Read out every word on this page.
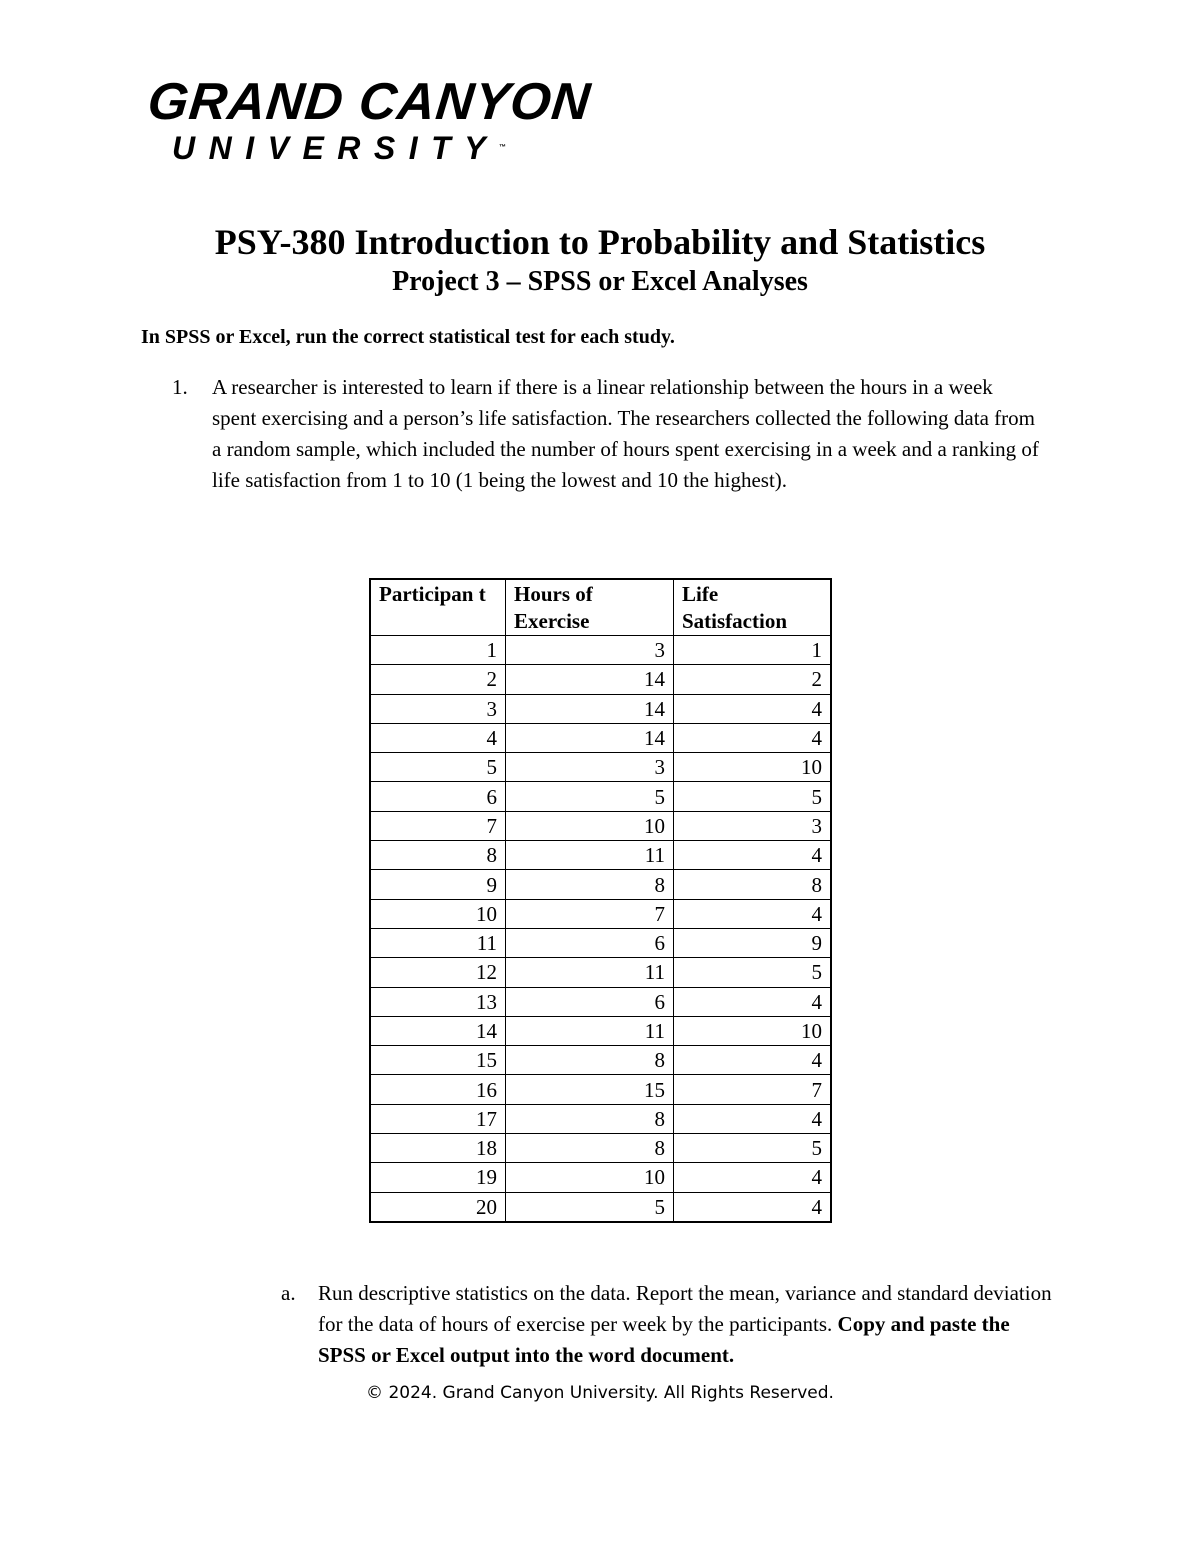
GRAND CANYON
UNIVERSITY™
PSY-380 Introduction to Probability and Statistics
Project 3 – SPSS or Excel Analyses
In SPSS or Excel, run the correct statistical test for each study.
1. A researcher is interested to learn if there is a linear relationship between the hours in a week spent exercising and a person’s life satisfaction. The researchers collected the following data from a random sample, which included the number of hours spent exercising in a week and a ranking of life satisfaction from 1 to 10 (1 being the lowest and 10 the highest).
Participan t	Hours of Exercise	Life Satisfaction
1	3	1
2	14	2
3	14	4
4	14	4
5	3	10
6	5	5
7	10	3
8	11	4
9	8	8
10	7	4
11	6	9
12	11	5
13	6	4
14	11	10
15	8	4
16	15	7
17	8	4
18	8	5
19	10	4
20	5	4
a. Run descriptive statistics on the data. Report the mean, variance and standard deviation for the data of hours of exercise per week by the participants. Copy and paste the SPSS or Excel output into the word document.
© 2024. Grand Canyon University. All Rights Reserved.
